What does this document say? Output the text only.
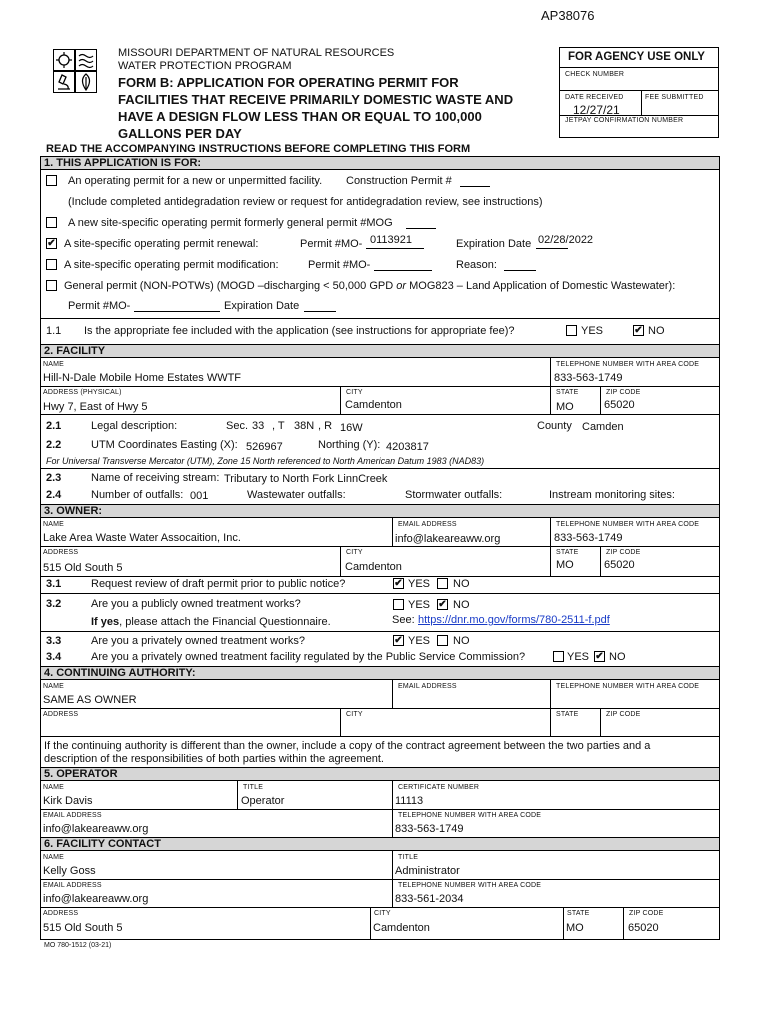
AP38076
MISSOURI DEPARTMENT OF NATURAL RESOURCES
WATER PROTECTION PROGRAM
FORM B: APPLICATION FOR OPERATING PERMIT FOR
FACILITIES THAT RECEIVE PRIMARILY DOMESTIC WASTE AND
HAVE A DESIGN FLOW LESS THAN OR EQUAL TO 100,000
GALLONS PER DAY
FOR AGENCY USE ONLY
CHECK NUMBER
DATE RECEIVED	FEE SUBMITTED
12/27/21
JETPAY CONFIRMATION NUMBER
READ THE ACCOMPANYING INSTRUCTIONS BEFORE COMPLETING THIS FORM
1. THIS APPLICATION IS FOR:
An operating permit for a new or unpermitted facility. Construction Permit #
(Include completed antidegradation review or request for antidegradation review, see instructions)
A new site-specific operating permit formerly general permit #MOG
✔ A site-specific operating permit renewal:	Permit #MO- 0113921	Expiration Date 02/28/2022
A site-specific operating permit modification:	Permit #MO-	Reason:
General permit (NON-POTWs) (MOGD –discharging < 50,000 GPD or MOG823 – Land Application of Domestic Wastewater):
Permit #MO-	Expiration Date
1.1 Is the appropriate fee included with the application (see instructions for appropriate fee)?	YES	✔ NO
2. FACILITY
NAME	TELEPHONE NUMBER WITH AREA CODE
Hill-N-Dale Mobile Home Estates WWTF	833-563-1749
ADDRESS (PHYSICAL)	CITY	STATE	ZIP CODE
Hwy 7, East of Hwy 5	Camdenton	MO	65020
2.1	Legal description:	Sec. 33 , T 38N , R 16W	County Camden
2.2	UTM Coordinates Easting (X): 526967	Northing (Y): 4203817
For Universal Transverse Mercator (UTM), Zone 15 North referenced to North American Datum 1983 (NAD83)
2.3	Name of receiving stream: Tributary to North Fork LinnCreek
2.4	Number of outfalls: 001	Wastewater outfalls:	Stormwater outfalls:	Instream monitoring sites:
3. OWNER:
NAME	EMAIL ADDRESS	TELEPHONE NUMBER WITH AREA CODE
Lake Area Waste Water Assocaition, Inc.	info@lakeareaww.org	833-563-1749
ADDRESS	CITY	STATE	ZIP CODE
515 Old South 5	Camdenton	MO	65020
3.1	Request review of draft permit prior to public notice?	✔ YES NO
3.2	Are you a publicly owned treatment works?	YES ✔ NO
If yes, please attach the Financial Questionnaire.	See: https://dnr.mo.gov/forms/780-2511-f.pdf
3.3	Are you a privately owned treatment works?	✔ YES NO
3.4	Are you a privately owned treatment facility regulated by the Public Service Commission?	YES ✔ NO
4. CONTINUING AUTHORITY:
NAME	EMAIL ADDRESS	TELEPHONE NUMBER WITH AREA CODE
SAME AS OWNER
ADDRESS	CITY	STATE	ZIP CODE
If the continuing authority is different than the owner, include a copy of the contract agreement between the two parties and a
description of the responsibilities of both parties within the agreement.
5. OPERATOR
NAME	TITLE	CERTIFICATE NUMBER
Kirk Davis	Operator	11113
EMAIL ADDRESS	TELEPHONE NUMBER WITH AREA CODE
info@lakeareaww.org	833-563-1749
6. FACILITY CONTACT
NAME	TITLE
Kelly Goss	Administrator
EMAIL ADDRESS	TELEPHONE NUMBER WITH AREA CODE
info@lakeareaww.org	833-561-2034
ADDRESS	CITY	STATE	ZIP CODE
515 Old South 5	Camdenton	MO	65020
MO 780-1512 (03-21)
